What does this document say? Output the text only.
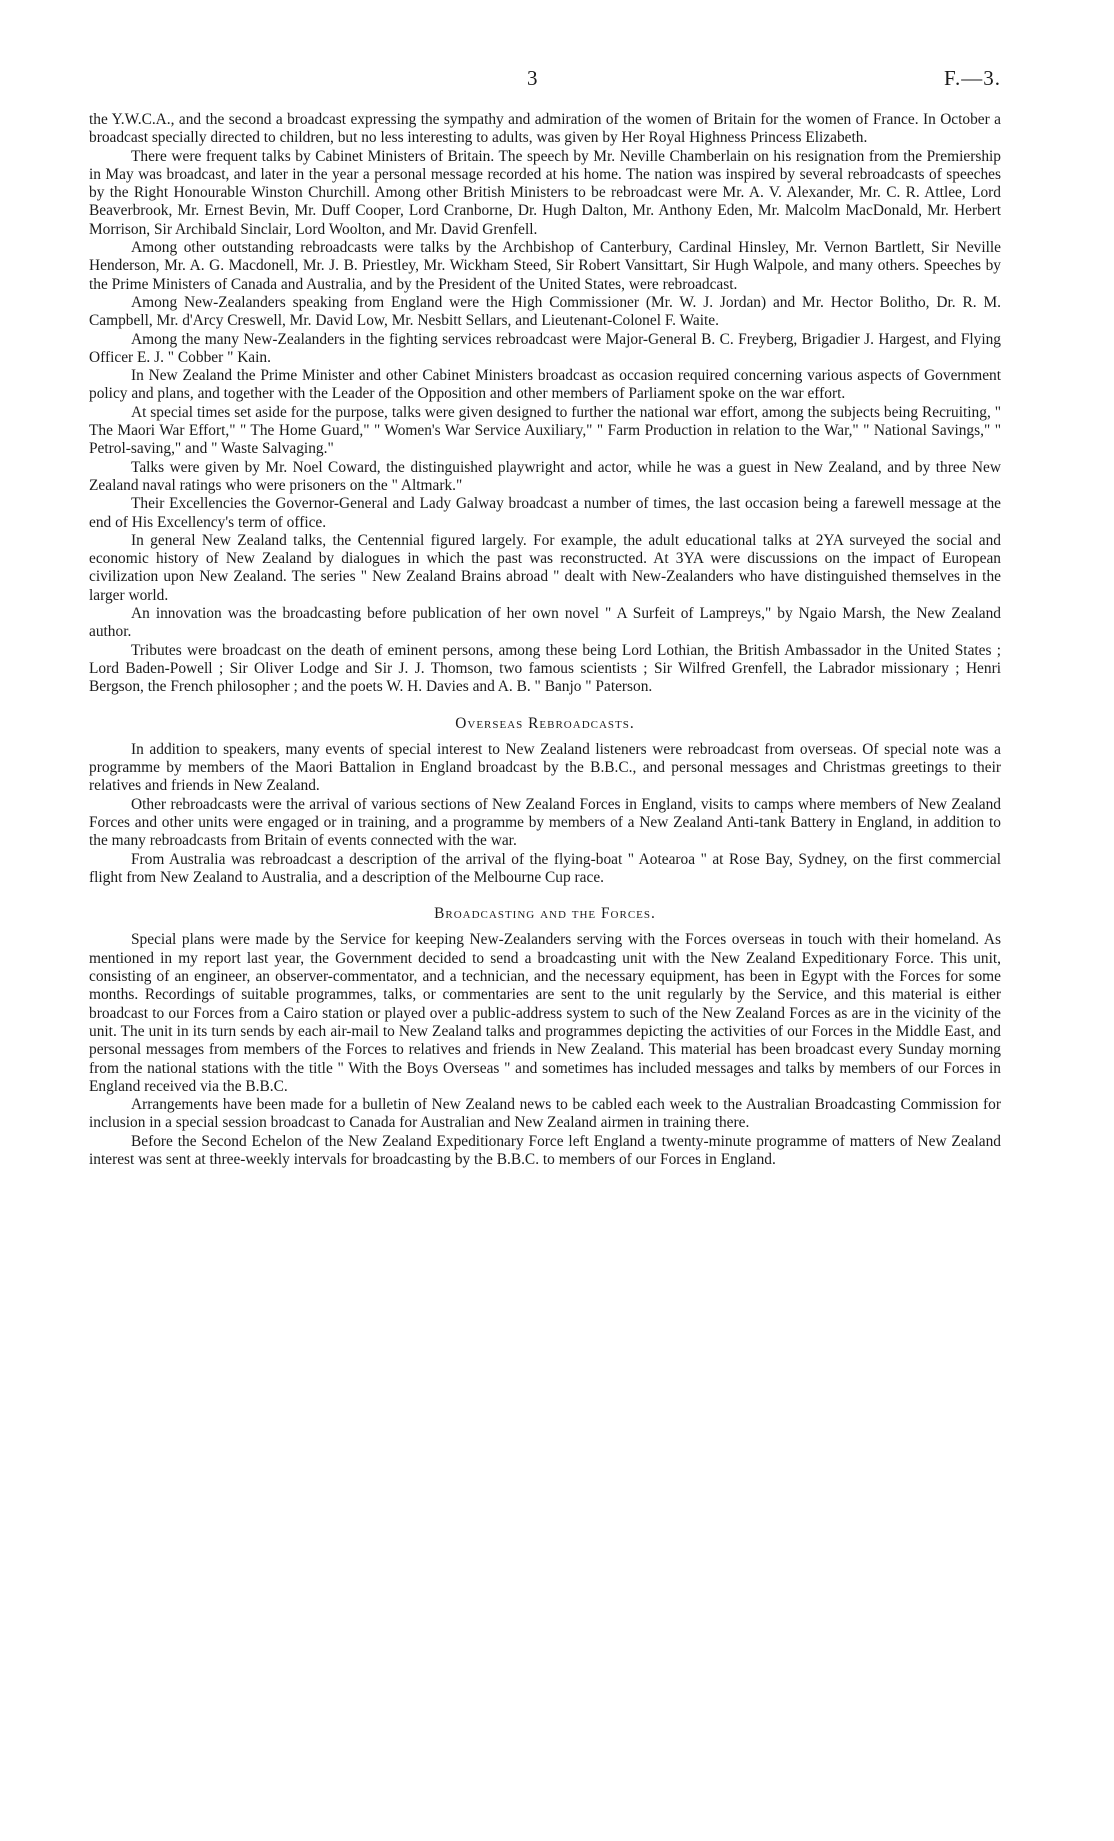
3	F.—3.

the Y.W.C.A., and the second a broadcast expressing the sympathy and admiration of the women of Britain for the women of France. In October a broadcast specially directed to children, but no less interesting to adults, was given by Her Royal Highness Princess Elizabeth.

There were frequent talks by Cabinet Ministers of Britain. The speech by Mr. Neville Chamberlain on his resignation from the Premiership in May was broadcast, and later in the year a personal message recorded at his home. The nation was inspired by several rebroadcasts of speeches by the Right Honourable Winston Churchill. Among other British Ministers to be rebroadcast were Mr. A. V. Alexander, Mr. C. R. Attlee, Lord Beaverbrook, Mr. Ernest Bevin, Mr. Duff Cooper, Lord Cranborne, Dr. Hugh Dalton, Mr. Anthony Eden, Mr. Malcolm MacDonald, Mr. Herbert Morrison, Sir Archibald Sinclair, Lord Woolton, and Mr. David Grenfell.

Among other outstanding rebroadcasts were talks by the Archbishop of Canterbury, Cardinal Hinsley, Mr. Vernon Bartlett, Sir Neville Henderson, Mr. A. G. Macdonell, Mr. J. B. Priestley, Mr. Wickham Steed, Sir Robert Vansittart, Sir Hugh Walpole, and many others. Speeches by the Prime Ministers of Canada and Australia, and by the President of the United States, were rebroadcast.

Among New-Zealanders speaking from England were the High Commissioner (Mr. W. J. Jordan) and Mr. Hector Bolitho, Dr. R. M. Campbell, Mr. d'Arcy Creswell, Mr. David Low, Mr. Nesbitt Sellars, and Lieutenant-Colonel F. Waite.

Among the many New-Zealanders in the fighting services rebroadcast were Major-General B. C. Freyberg, Brigadier J. Hargest, and Flying Officer E. J. " Cobber " Kain.

In New Zealand the Prime Minister and other Cabinet Ministers broadcast as occasion required concerning various aspects of Government policy and plans, and together with the Leader of the Opposition and other members of Parliament spoke on the war effort.

At special times set aside for the purpose, talks were given designed to further the national war effort, among the subjects being Recruiting, " The Maori War Effort," " The Home Guard," " Women's War Service Auxiliary," " Farm Production in relation to the War," " National Savings," " Petrol-saving," and " Waste Salvaging."

Talks were given by Mr. Noel Coward, the distinguished playwright and actor, while he was a guest in New Zealand, and by three New Zealand naval ratings who were prisoners on the " Altmark."

Their Excellencies the Governor-General and Lady Galway broadcast a number of times, the last occasion being a farewell message at the end of His Excellency's term of office.

In general New Zealand talks, the Centennial figured largely. For example, the adult educational talks at 2YA surveyed the social and economic history of New Zealand by dialogues in which the past was reconstructed. At 3YA were discussions on the impact of European civilization upon New Zealand. The series " New Zealand Brains abroad " dealt with New-Zealanders who have distinguished themselves in the larger world.

An innovation was the broadcasting before publication of her own novel " A Surfeit of Lampreys," by Ngaio Marsh, the New Zealand author.

Tributes were broadcast on the death of eminent persons, among these being Lord Lothian, the British Ambassador in the United States ; Lord Baden-Powell ; Sir Oliver Lodge and Sir J. J. Thomson, two famous scientists ; Sir Wilfred Grenfell, the Labrador missionary ; Henri Bergson, the French philosopher ; and the poets W. H. Davies and A. B. " Banjo " Paterson.

Overseas Rebroadcasts.

In addition to speakers, many events of special interest to New Zealand listeners were rebroadcast from overseas. Of special note was a programme by members of the Maori Battalion in England broadcast by the B.B.C., and personal messages and Christmas greetings to their relatives and friends in New Zealand.

Other rebroadcasts were the arrival of various sections of New Zealand Forces in England, visits to camps where members of New Zealand Forces and other units were engaged or in training, and a programme by members of a New Zealand Anti-tank Battery in England, in addition to the many rebroadcasts from Britain of events connected with the war.

From Australia was rebroadcast a description of the arrival of the flying-boat " Aotearoa " at Rose Bay, Sydney, on the first commercial flight from New Zealand to Australia, and a description of the Melbourne Cup race.

Broadcasting and the Forces.

Special plans were made by the Service for keeping New-Zealanders serving with the Forces overseas in touch with their homeland. As mentioned in my report last year, the Government decided to send a broadcasting unit with the New Zealand Expeditionary Force. This unit, consisting of an engineer, an observer-commentator, and a technician, and the necessary equipment, has been in Egypt with the Forces for some months. Recordings of suitable programmes, talks, or commentaries are sent to the unit regularly by the Service, and this material is either broadcast to our Forces from a Cairo station or played over a public-address system to such of the New Zealand Forces as are in the vicinity of the unit. The unit in its turn sends by each air-mail to New Zealand talks and programmes depicting the activities of our Forces in the Middle East, and personal messages from members of the Forces to relatives and friends in New Zealand. This material has been broadcast every Sunday morning from the national stations with the title " With the Boys Overseas " and sometimes has included messages and talks by members of our Forces in England received via the B.B.C.

Arrangements have been made for a bulletin of New Zealand news to be cabled each week to the Australian Broadcasting Commission for inclusion in a special session broadcast to Canada for Australian and New Zealand airmen in training there.

Before the Second Echelon of the New Zealand Expeditionary Force left England a twenty-minute programme of matters of New Zealand interest was sent at three-weekly intervals for broadcasting by the B.B.C. to members of our Forces in England.
